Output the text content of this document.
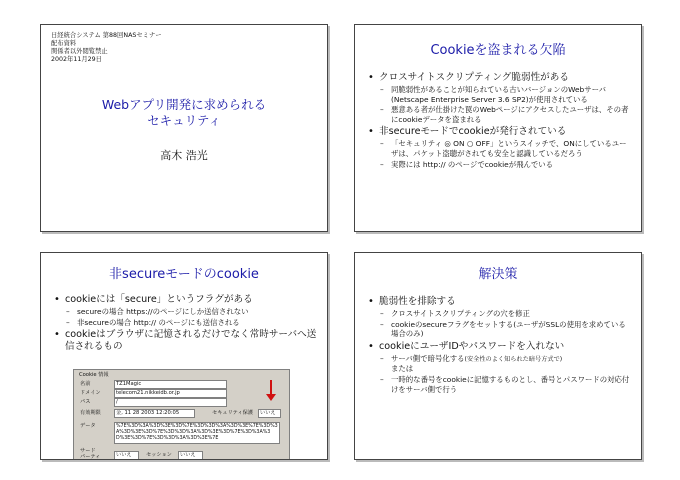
日経統合システム 第88回NASセミナー
配布資料
関係者以外閲覧禁止
2002年11月29日
Webアプリ開発に求められる
セキュリティ
高木 浩光
Cookieを盗まれる欠陥
• クロスサイトスクリプティング脆弱性がある
– 同脆弱性があることが知られている古いバージョンのWebサーバ(Netscape Enterprise Server 3.6 SP2)が使用されている
– 悪意ある者が仕掛けた罠のWebページにアクセスしたユーザは、その者にcookieデータを盗まれる
• 非secureモードでcookieが発行されている
– 「セキュリティ ◎ ON ○ OFF」というスイッチで、ONにしているユーザは、パケット盗聴がされても安全と認識しているだろう
– 実際には http:// のページでcookieが飛んでいる
非secureモードのcookie
• cookieには「secure」というフラグがある
– secureの場合 https://のページにしか送信されない
– 非secureの場合 http:// のページにも送信される
• cookieはブラウザに記憶されるだけでなく常時サーバへ送信されるもの
Cookie 情報
名前	TZ1Magic
ドメイン	telecom21.nikkeidb.or.jp
パス	/
有効期限	金, 11 28 2003 12:20:05	セキュリティ保護	いいえ
データ	%7E%3D%3A%3D%3E%3D%7E%3D%3D%3A%3D%3E%7E%3D%3A%3D%3E%3D%7E%3D%3D%3A%3D%3E%3D%7E%3D%3A%3D%3E%3D%7E%3D%3D%3A%3D%3E%7E
サード
パーティ	いいえ	セッション	いいえ
解決策
• 脆弱性を排除する
– クロスサイトスクリプティングの穴を修正
– cookieのsecureフラグをセットする(ユーザがSSLの使用を求めている場合のみ)
• cookieにユーザIDやパスワードを入れない
– サーバ側で暗号化する(安全性のよく知られた暗号方式で)
または
– 一時的な番号をcookieに記憶するものとし、番号とパスワードの対応付けをサーバ側で行う
